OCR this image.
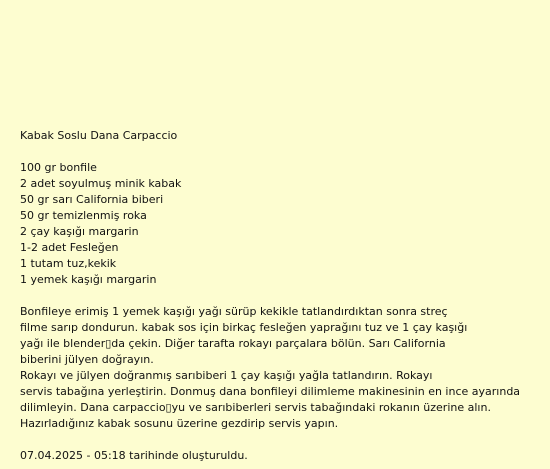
Kabak Soslu Dana Carpaccio
100 gr bonfile
2 adet soyulmuş minik kabak
50 gr sarı California biberi
50 gr temizlenmiş roka
2 çay kaşığı margarin
1-2 adet Fesleğen
1 tutam tuz,kekik
1 yemek kaşığı margarin
Bonfileye erimiş 1 yemek kaşığı yağı sürüp kekikle tatlandırdıktan sonra streç
filme sarıp dondurun. kabak sos için birkaç fesleğen yaprağını tuz ve 1 çay kaşığı
yağı ile blender▯da çekin. Diğer tarafta rokayı parçalara bölün. Sarı California
biberini jülyen doğrayın.
Rokayı ve jülyen doğranmış sarıbiberi 1 çay kaşığı yağla tatlandırın. Rokayı
servis tabağına yerleştirin. Donmuş dana bonfileyi dilimleme makinesinin en ince ayarında
dilimleyin. Dana carpaccio▯yu ve sarıbiberleri servis tabağındaki rokanın üzerine alın.
Hazırladığınız kabak sosunu üzerine gezdirip servis yapın.

07.04.2025 - 05:18 tarihinde oluşturuldu.
